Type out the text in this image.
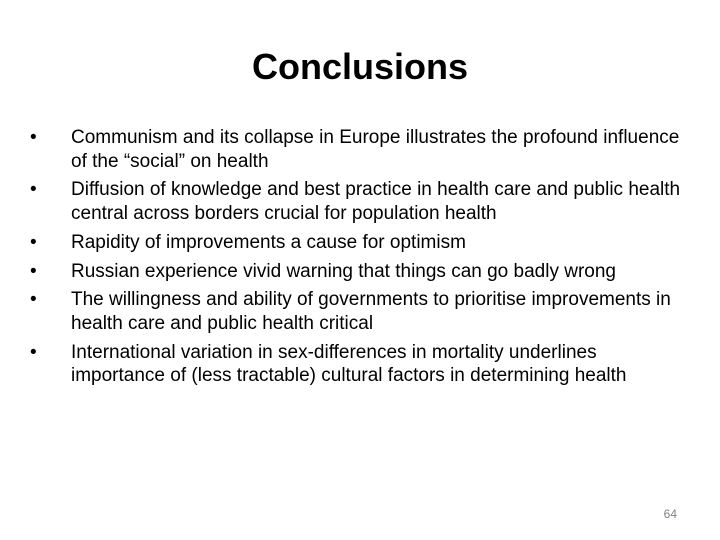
Conclusions
•	Communism and its collapse in Europe illustrates the profound influence of the “social” on health
•	Diffusion of knowledge and best practice in health care and public health central across borders crucial for population health
•	Rapidity of improvements a cause for optimism
•	Russian experience vivid warning that things can go badly wrong
•	The willingness and ability of governments to prioritise improvements in health care and public health critical
•	International variation in sex-differences in mortality underlines importance of (less tractable) cultural factors in determining health
64
